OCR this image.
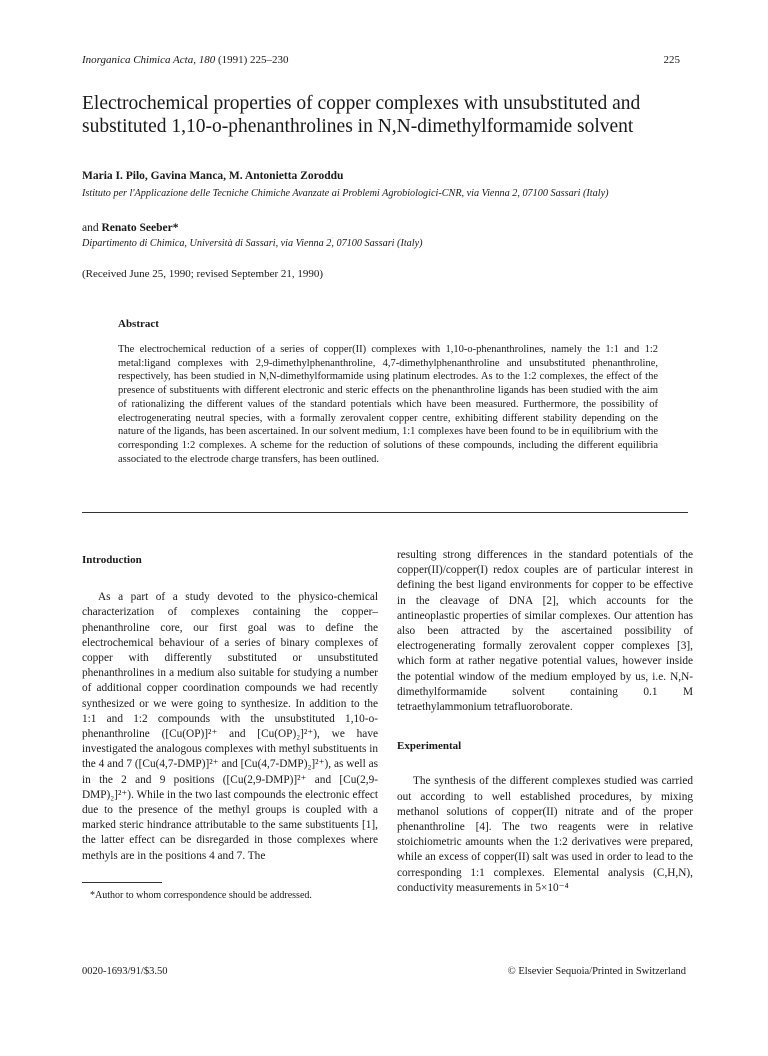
Inorganica Chimica Acta, 180 (1991) 225–230	225
Electrochemical properties of copper complexes with unsubstituted and substituted 1,10-o-phenanthrolines in N,N-dimethylformamide solvent
Maria I. Pilo, Gavina Manca, M. Antonietta Zoroddu
Istituto per l'Applicazione delle Tecniche Chimiche Avanzate ai Problemi Agrobiologici-CNR, via Vienna 2, 07100 Sassari (Italy)
and Renato Seeber*
Dipartimento di Chimica, Università di Sassari, via Vienna 2, 07100 Sassari (Italy)
(Received June 25, 1990; revised September 21, 1990)
Abstract
The electrochemical reduction of a series of copper(II) complexes with 1,10-o-phenanthrolines, namely the 1:1 and 1:2 metal:ligand complexes with 2,9-dimethylphenanthroline, 4,7-dimethylphenanthroline and unsubstituted phenanthroline, respectively, has been studied in N,N-dimethylformamide using platinum electrodes. As to the 1:2 complexes, the effect of the presence of substituents with different electronic and steric effects on the phenanthroline ligands has been studied with the aim of rationalizing the different values of the standard potentials which have been measured. Furthermore, the possibility of electrogenerating neutral species, with a formally zerovalent copper centre, exhibiting different stability depending on the nature of the ligands, has been ascertained. In our solvent medium, 1:1 complexes have been found to be in equilibrium with the corresponding 1:2 complexes. A scheme for the reduction of solutions of these compounds, including the different equilibria associated to the electrode charge transfers, has been outlined.

Introduction

As a part of a study devoted to the physico-chemical characterization of complexes containing the copper–phenanthroline core, our first goal was to define the electrochemical behaviour of a series of binary complexes of copper with differently substituted or unsubstituted phenanthrolines in a medium also suitable for studying a number of additional copper coordination compounds we had recently synthesized or we were going to synthesize. In addition to the 1:1 and 1:2 compounds with the unsubstituted 1,10-o-phenanthroline ([Cu(OP)]²⁺ and [Cu(OP)₂]²⁺), we have investigated the analogous complexes with methyl substituents in the 4 and 7 ([Cu(4,7-DMP)]²⁺ and [Cu(4,7-DMP)₂]²⁺), as well as in the 2 and 9 positions ([Cu(2,9-DMP)]²⁺ and [Cu(2,9-DMP)₂]²⁺). While in the two last compounds the electronic effect due to the presence of the methyl groups is coupled with a marked steric hindrance attributable to the same substituents [1], the latter effect can be disregarded in those complexes where methyls are in the positions 4 and 7. The

resulting strong differences in the standard potentials of the copper(II)/copper(I) redox couples are of particular interest in defining the best ligand environments for copper to be effective in the cleavage of DNA [2], which accounts for the antineoplastic properties of similar complexes. Our attention has also been attracted by the ascertained possibility of electrogenerating formally zerovalent copper complexes [3], which form at rather negative potential values, however inside the potential window of the medium employed by us, i.e. N,N-dimethylformamide solvent containing 0.1 M tetraethylammonium tetrafluoroborate.

Experimental

The synthesis of the different complexes studied was carried out according to well established procedures, by mixing methanol solutions of copper(II) nitrate and of the proper phenanthroline [4]. The two reagents were in relative stoichiometric amounts when the 1:2 derivatives were prepared, while an excess of copper(II) salt was used in order to lead to the corresponding 1:1 complexes. Elemental analysis (C,H,N), conductivity measurements in 5×10⁻⁴

*Author to whom correspondence should be addressed.
0020-1693/91/$3.50	© Elsevier Sequoia/Printed in Switzerland
